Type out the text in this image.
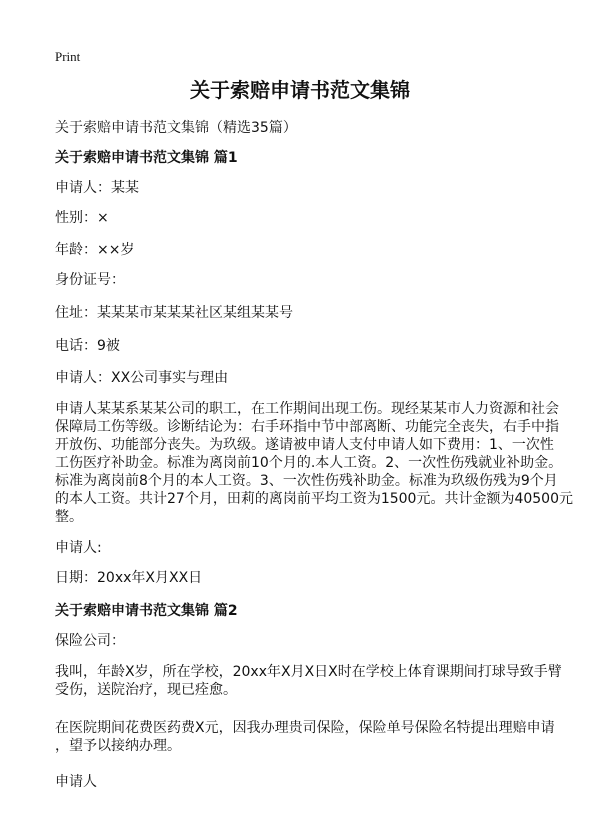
Print
关于索赔申请书范文集锦
关于索赔申请书范文集锦（精选35篇）
关于索赔申请书范文集锦 篇1
申请人：某某
性别：×
年龄：××岁
身份证号：
住址：某某某市某某某社区某组某某号
电话：9被
申请人：XX公司事实与理由
申请人某某系某某公司的职工，在工作期间出现工伤。现经某某市人力资源和社会
保障局工伤等级。诊断结论为：右手环指中节中部离断、功能完全丧失，右手中指
开放伤、功能部分丧失。为玖级。遂请被申请人支付申请人如下费用：1、一次性
工伤医疗补助金。标准为离岗前10个月的.本人工资。2、一次性伤残就业补助金。
标准为离岗前8个月的本人工资。3、一次性伤残补助金。标准为玖级伤残为9个月
的本人工资。共计27个月，田莉的离岗前平均工资为1500元。共计金额为40500元
整。
申请人:
日期：20xx年X月XX日
关于索赔申请书范文集锦 篇2
保险公司：
我叫，年龄X岁，所在学校，20xx年X月X日X时在学校上体育课期间打球导致手臂
受伤，送院治疗，现已痊愈。
在医院期间花费医药费X元，因我办理贵司保险，保险单号保险名特提出理赔申请
，望予以接纳办理。
申请人
